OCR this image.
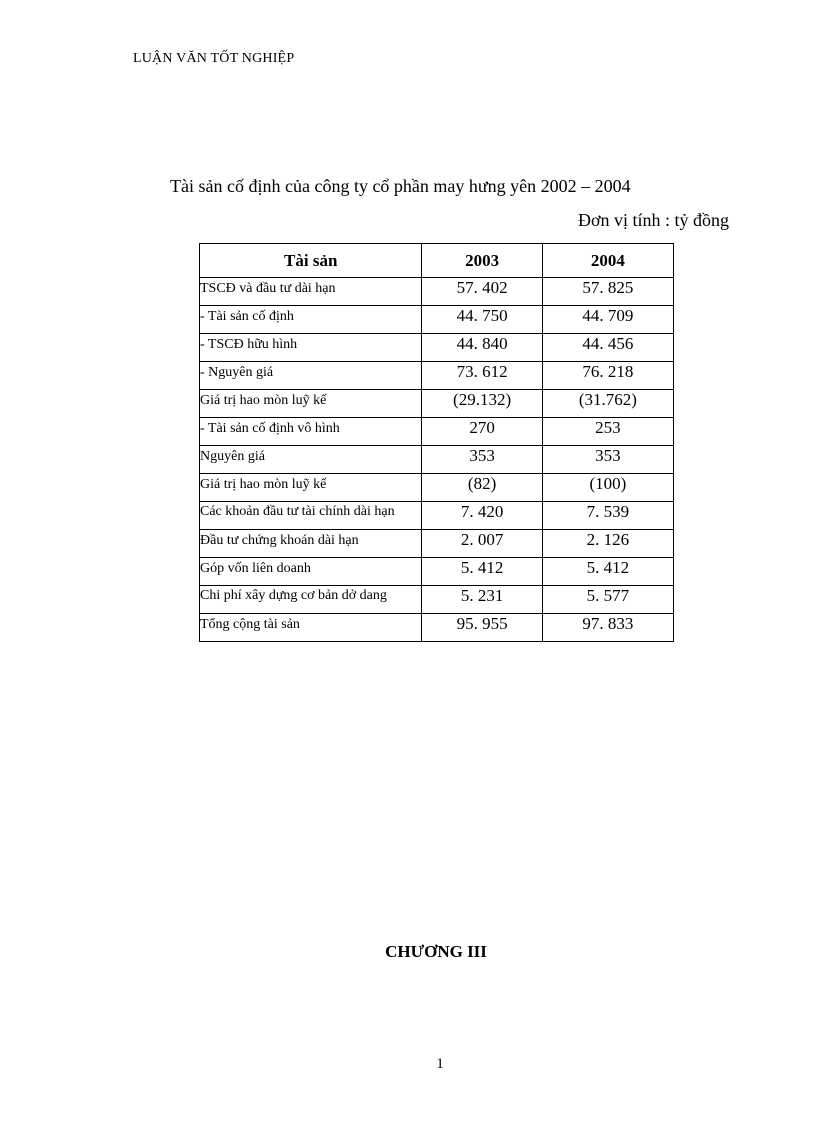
LUẬN VĂN TỐT NGHIỆP
Tài sản cố định của công ty cổ phần may hưng yên 2002 – 2004
Đơn vị tính : tỷ đồng
Tài sản	2003	2004

TSCĐ và đầu tư dài hạn	57. 402	57. 825

- Tài sản cố định	44. 750	44. 709

- TSCĐ hữu hình	44. 840	44. 456

- Nguyên giá	73. 612	76. 218

Giá trị hao mòn luỹ kế	(29.132)	(31.762)

- Tài sản cố định vô hình	270	253

Nguyên giá	353	353

Giá trị hao mòn luỹ kế	(82)	(100)

Các khoản đầu tư tài chính dài hạn	7. 420	7. 539

Đầu tư chứng khoán dài hạn	2. 007	2. 126

Góp vốn liên doanh	5. 412	5. 412

Chi phí xây dựng cơ bản dở dang	5. 231	5. 577

Tổng cộng tài sản	95. 955	97. 833
CHƯƠNG III
1
